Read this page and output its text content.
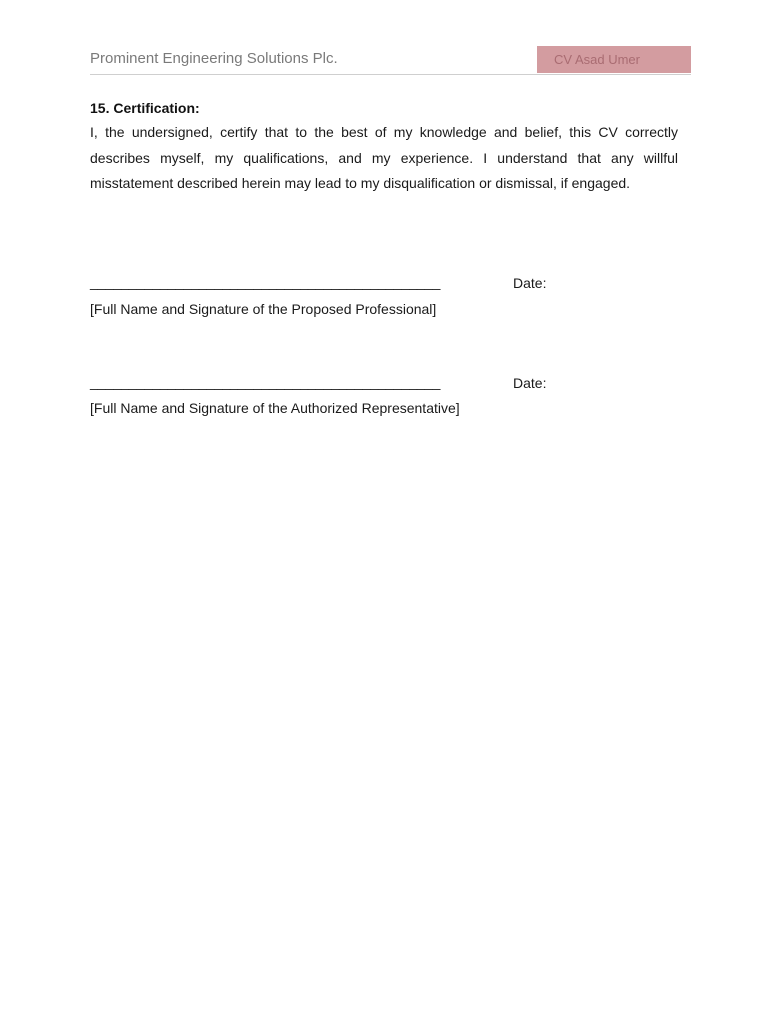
Prominent Engineering Solutions Plc.	CV Asad Umer
15. Certification:
I, the undersigned, certify that to the best of my knowledge and belief, this CV correctly describes myself, my qualifications, and my experience. I understand that any willful misstatement described herein may lead to my disqualification or dismissal, if engaged.
_____________________________________________	Date:
[Full Name and Signature of the Proposed Professional]
_____________________________________________	Date:
[Full Name and Signature of the Authorized Representative]
